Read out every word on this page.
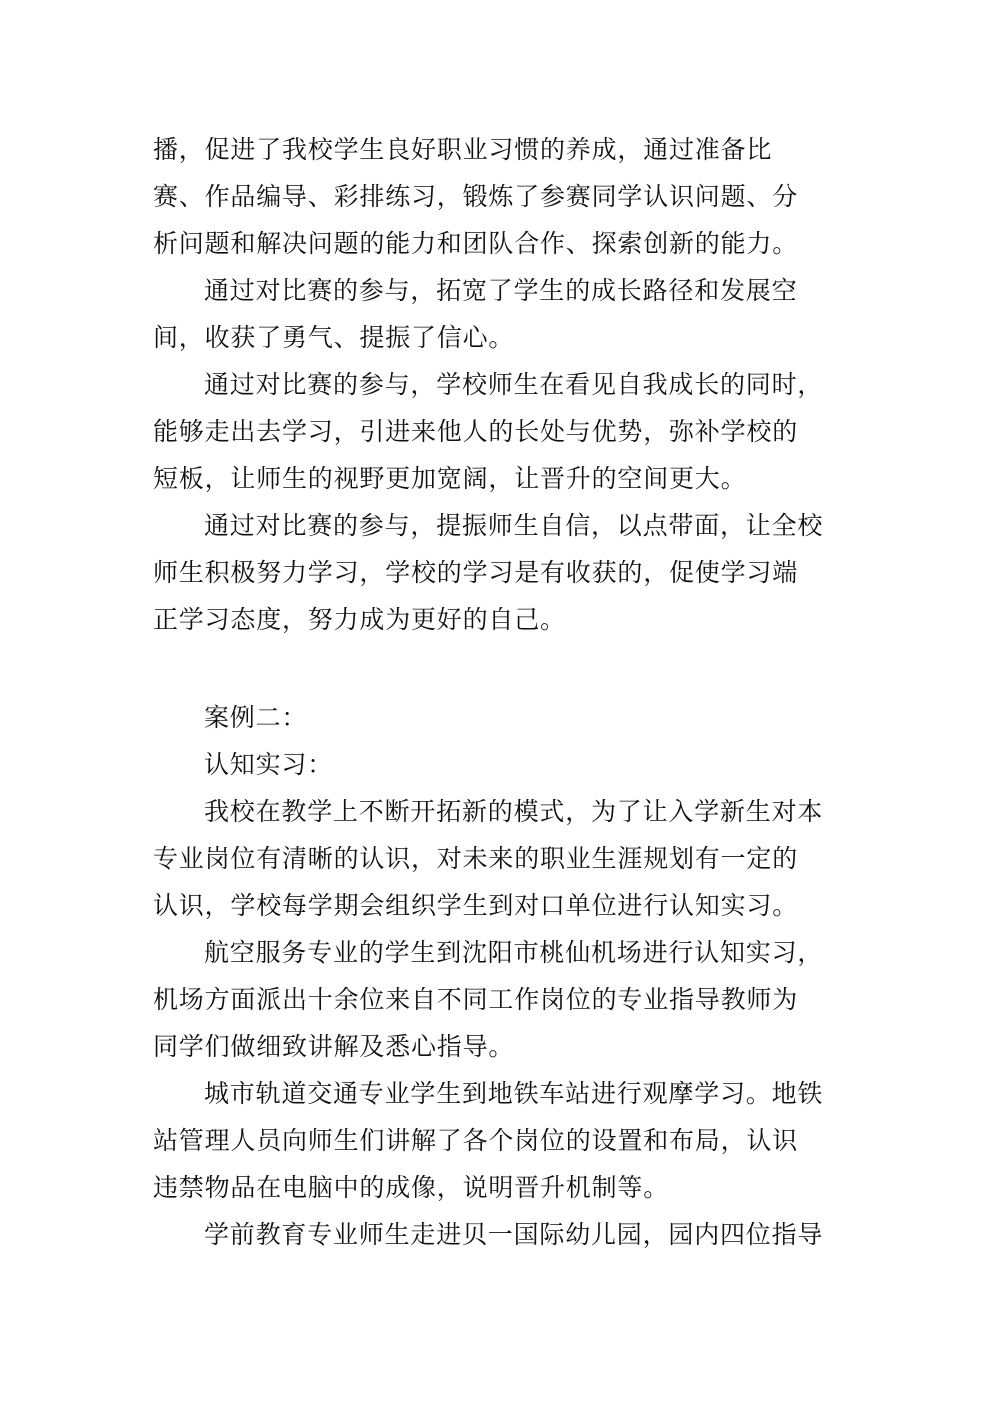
播，促进了我校学生良好职业习惯的养成，通过准备比
赛、作品编导、彩排练习，锻炼了参赛同学认识问题、分
析问题和解决问题的能力和团队合作、探索创新的能力。
通过对比赛的参与，拓宽了学生的成长路径和发展空
间，收获了勇气、提振了信心。
通过对比赛的参与，学校师生在看见自我成长的同时，
能够走出去学习，引进来他人的长处与优势，弥补学校的
短板，让师生的视野更加宽阔，让晋升的空间更大。
通过对比赛的参与，提振师生自信，以点带面，让全校
师生积极努力学习，学校的学习是有收获的，促使学习端
正学习态度，努力成为更好的自己。
案例二：
认知实习：
我校在教学上不断开拓新的模式，为了让入学新生对本
专业岗位有清晰的认识，对未来的职业生涯规划有一定的
认识，学校每学期会组织学生到对口单位进行认知实习。
航空服务专业的学生到沈阳市桃仙机场进行认知实习，
机场方面派出十余位来自不同工作岗位的专业指导教师为
同学们做细致讲解及悉心指导。
城市轨道交通专业学生到地铁车站进行观摩学习。地铁
站管理人员向师生们讲解了各个岗位的设置和布局，认识
违禁物品在电脑中的成像，说明晋升机制等。
学前教育专业师生走进贝一国际幼儿园，园内四位指导
